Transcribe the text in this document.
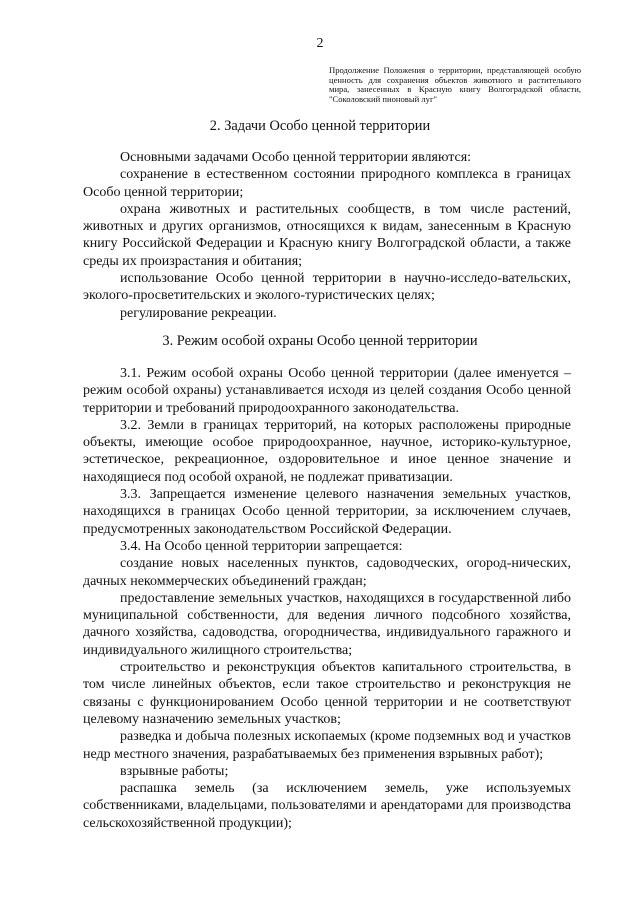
2
Продолжение Положения о территории, представляющей особую ценность для сохранения объектов животного и растительного мира, занесенных в Красную книгу Волгоградской области, "Соколовский пионовый луг"
2. Задачи Особо ценной территории

Основными задачами Особо ценной территории являются:

сохранение в естественном состоянии природного комплекса в границах Особо ценной территории;

охрана животных и растительных сообществ, в том числе растений, животных и других организмов, относящихся к видам, занесенным в Красную книгу Российской Федерации и Красную книгу Волгоградской области, а также среды их произрастания и обитания;

использование Особо ценной территории в научно-исследо-вательских, эколого-просветительских и эколого-туристических целях;

регулирование рекреации.

3. Режим особой охраны Особо ценной территории

3.1. Режим особой охраны Особо ценной территории (далее именуется – режим особой охраны) устанавливается исходя из целей создания Особо ценной территории и требований природоохранного законодательства.

3.2. Земли в границах территорий, на которых расположены природные объекты, имеющие особое природоохранное, научное, историко-культурное, эстетическое, рекреационное, оздоровительное и иное ценное значение и находящиеся под особой охраной, не подлежат приватизации.

3.3. Запрещается изменение целевого назначения земельных участков, находящихся в границах Особо ценной территории, за исключением случаев, предусмотренных законодательством Российской Федерации.

3.4. На Особо ценной территории запрещается:

создание новых населенных пунктов, садоводческих, огород-нических, дачных некоммерческих объединений граждан;

предоставление земельных участков, находящихся в государственной либо муниципальной собственности, для ведения личного подсобного хозяйства, дачного хозяйства, садоводства, огородничества, индивидуального гаражного и индивидуального жилищного строительства;

строительство и реконструкция объектов капитального строительства, в том числе линейных объектов, если такое строительство и реконструкция не связаны с функционированием Особо ценной территории и не соответствуют целевому назначению земельных участков;

разведка и добыча полезных ископаемых (кроме подземных вод и участков недр местного значения, разрабатываемых без применения взрывных работ);

взрывные работы;

распашка земель (за исключением земель, уже используемых собственниками, владельцами, пользователями и арендаторами для производства сельскохозяйственной продукции);
